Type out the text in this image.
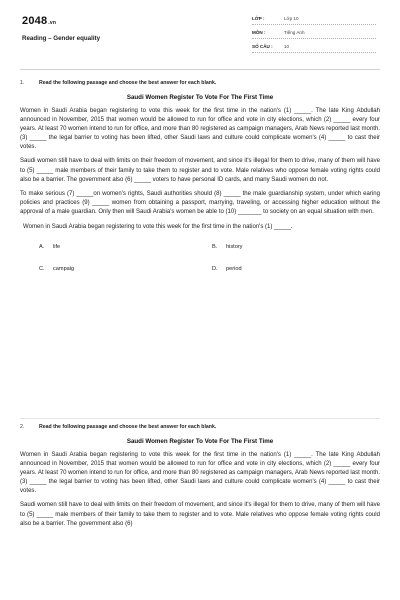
2048.vn
Reading – Gender equality
LỚP :	Lớp 10
MÔN :	Tiếng Anh
SỐ CÂU : 10
1.	Read the following passage and choose the best answer for each blank.
Saudi Women Register To Vote For The First Time

Women in Saudi Arabia began registering to vote this week for the first time in the nation's (1) _____. The late King Abdullah announced in November, 2015 that women would be allowed to run for office and vote in city elections, which (2) _____ every four years. At least 70 women intend to run for office, and more than 80 registered as campaign managers, Arab News reported last month. (3) _____ the legal barrier to voting has been lifted, other Saudi laws and culture could complicate women's (4) _____ to cast their votes.

Saudi women still have to deal with limits on their freedom of movement, and since it's illegal for them to drive, many of them will have to (5) _____ male members of their family to take them to register and to vote. Male relatives who oppose female voting rights could also be a barrier. The government also (6) _____ voters to have personal ID cards, and many Saudi women do not.

To make serious (7) _____on women's rights, Saudi authorities should (8) _____ the male guardianship system, under which earing policies and practices (9) _____ women from obtaining a passport, marrying, traveling, or accessing higher education without the approval of a male guardian. Only then will Saudi Arabia's women be able to (10) _______ to society on an equal situation with men.

Women in Saudi Arabia began registering to vote this week for the first time in the nation's (1) _____.
A. life	B. history
C. campaig	D. period
2.	Read the following passage and choose the best answer for each blank.
Saudi Women Register To Vote For The First Time

Women in Saudi Arabia began registering to vote this week for the first time in the nation's (1) _____. The late King Abdullah announced in November, 2015 that women would be allowed to run for office and vote in city elections, which (2) _____ every four years. At least 70 women intend to run for office, and more than 80 registered as campaign managers, Arab News reported last month. (3) _____ the legal barrier to voting has been lifted, other Saudi laws and culture could complicate women's (4) _____ to cast their votes.

Saudi women still have to deal with limits on their freedom of movement, and since it's illegal for them to drive, many of them will have to (5) _____ male members of their family to take them to register and to vote. Male relatives who oppose female voting rights could also be a barrier. The government also (6)
